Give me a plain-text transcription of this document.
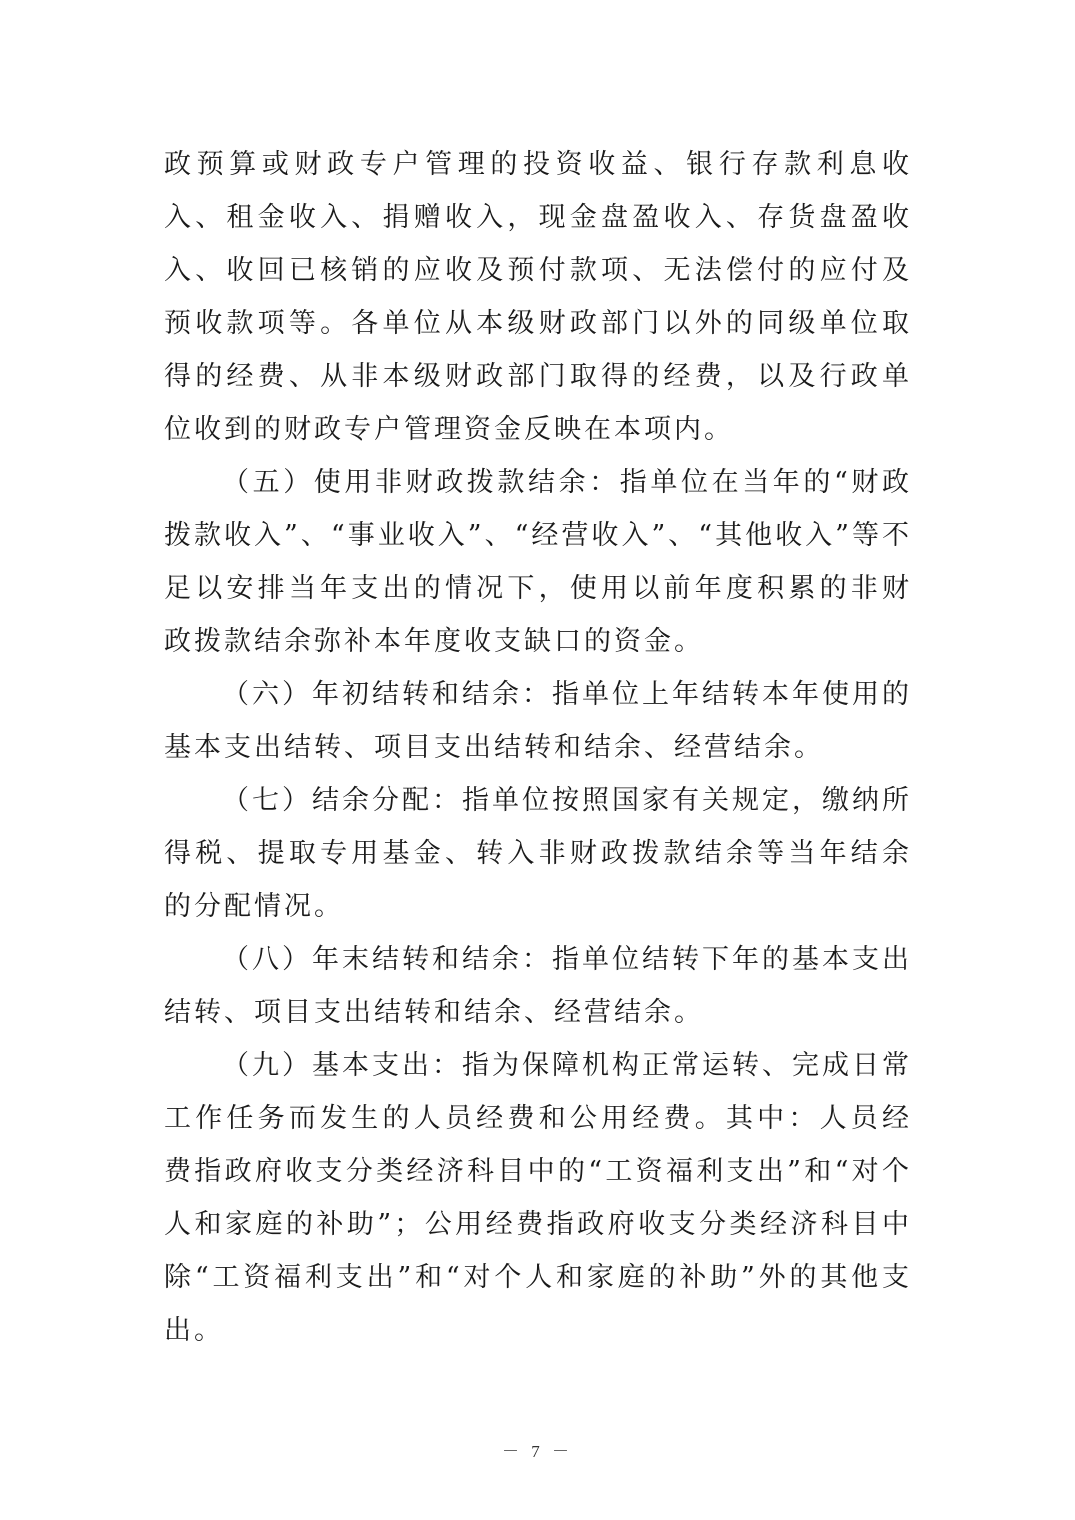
政预算或财政专户管理的投资收益、银行存款利息收入、租金收入、捐赠收入，现金盘盈收入、存货盘盈收入、收回已核销的应收及预付款项、无法偿付的应付及预收款项等。各单位从本级财政部门以外的同级单位取得的经费、从非本级财政部门取得的经费，以及行政单位收到的财政专户管理资金反映在本项内。

（五）使用非财政拨款结余：指单位在当年的“财政拨款收入”、“事业收入”、“经营收入”、“其他收入”等不足以安排当年支出的情况下，使用以前年度积累的非财政拨款结余弥补本年度收支缺口的资金。

（六）年初结转和结余：指单位上年结转本年使用的基本支出结转、项目支出结转和结余、经营结余。

（七）结余分配：指单位按照国家有关规定，缴纳所得税、提取专用基金、转入非财政拨款结余等当年结余的分配情况。

（八）年末结转和结余：指单位结转下年的基本支出结转、项目支出结转和结余、经营结余。

（九）基本支出：指为保障机构正常运转、完成日常工作任务而发生的人员经费和公用经费。其中：人员经费指政府收支分类经济科目中的“工资福利支出”和“对个人和家庭的补助”；公用经费指政府收支分类经济科目中除“工资福利支出”和“对个人和家庭的补助”外的其他支出。

－ 7 －
